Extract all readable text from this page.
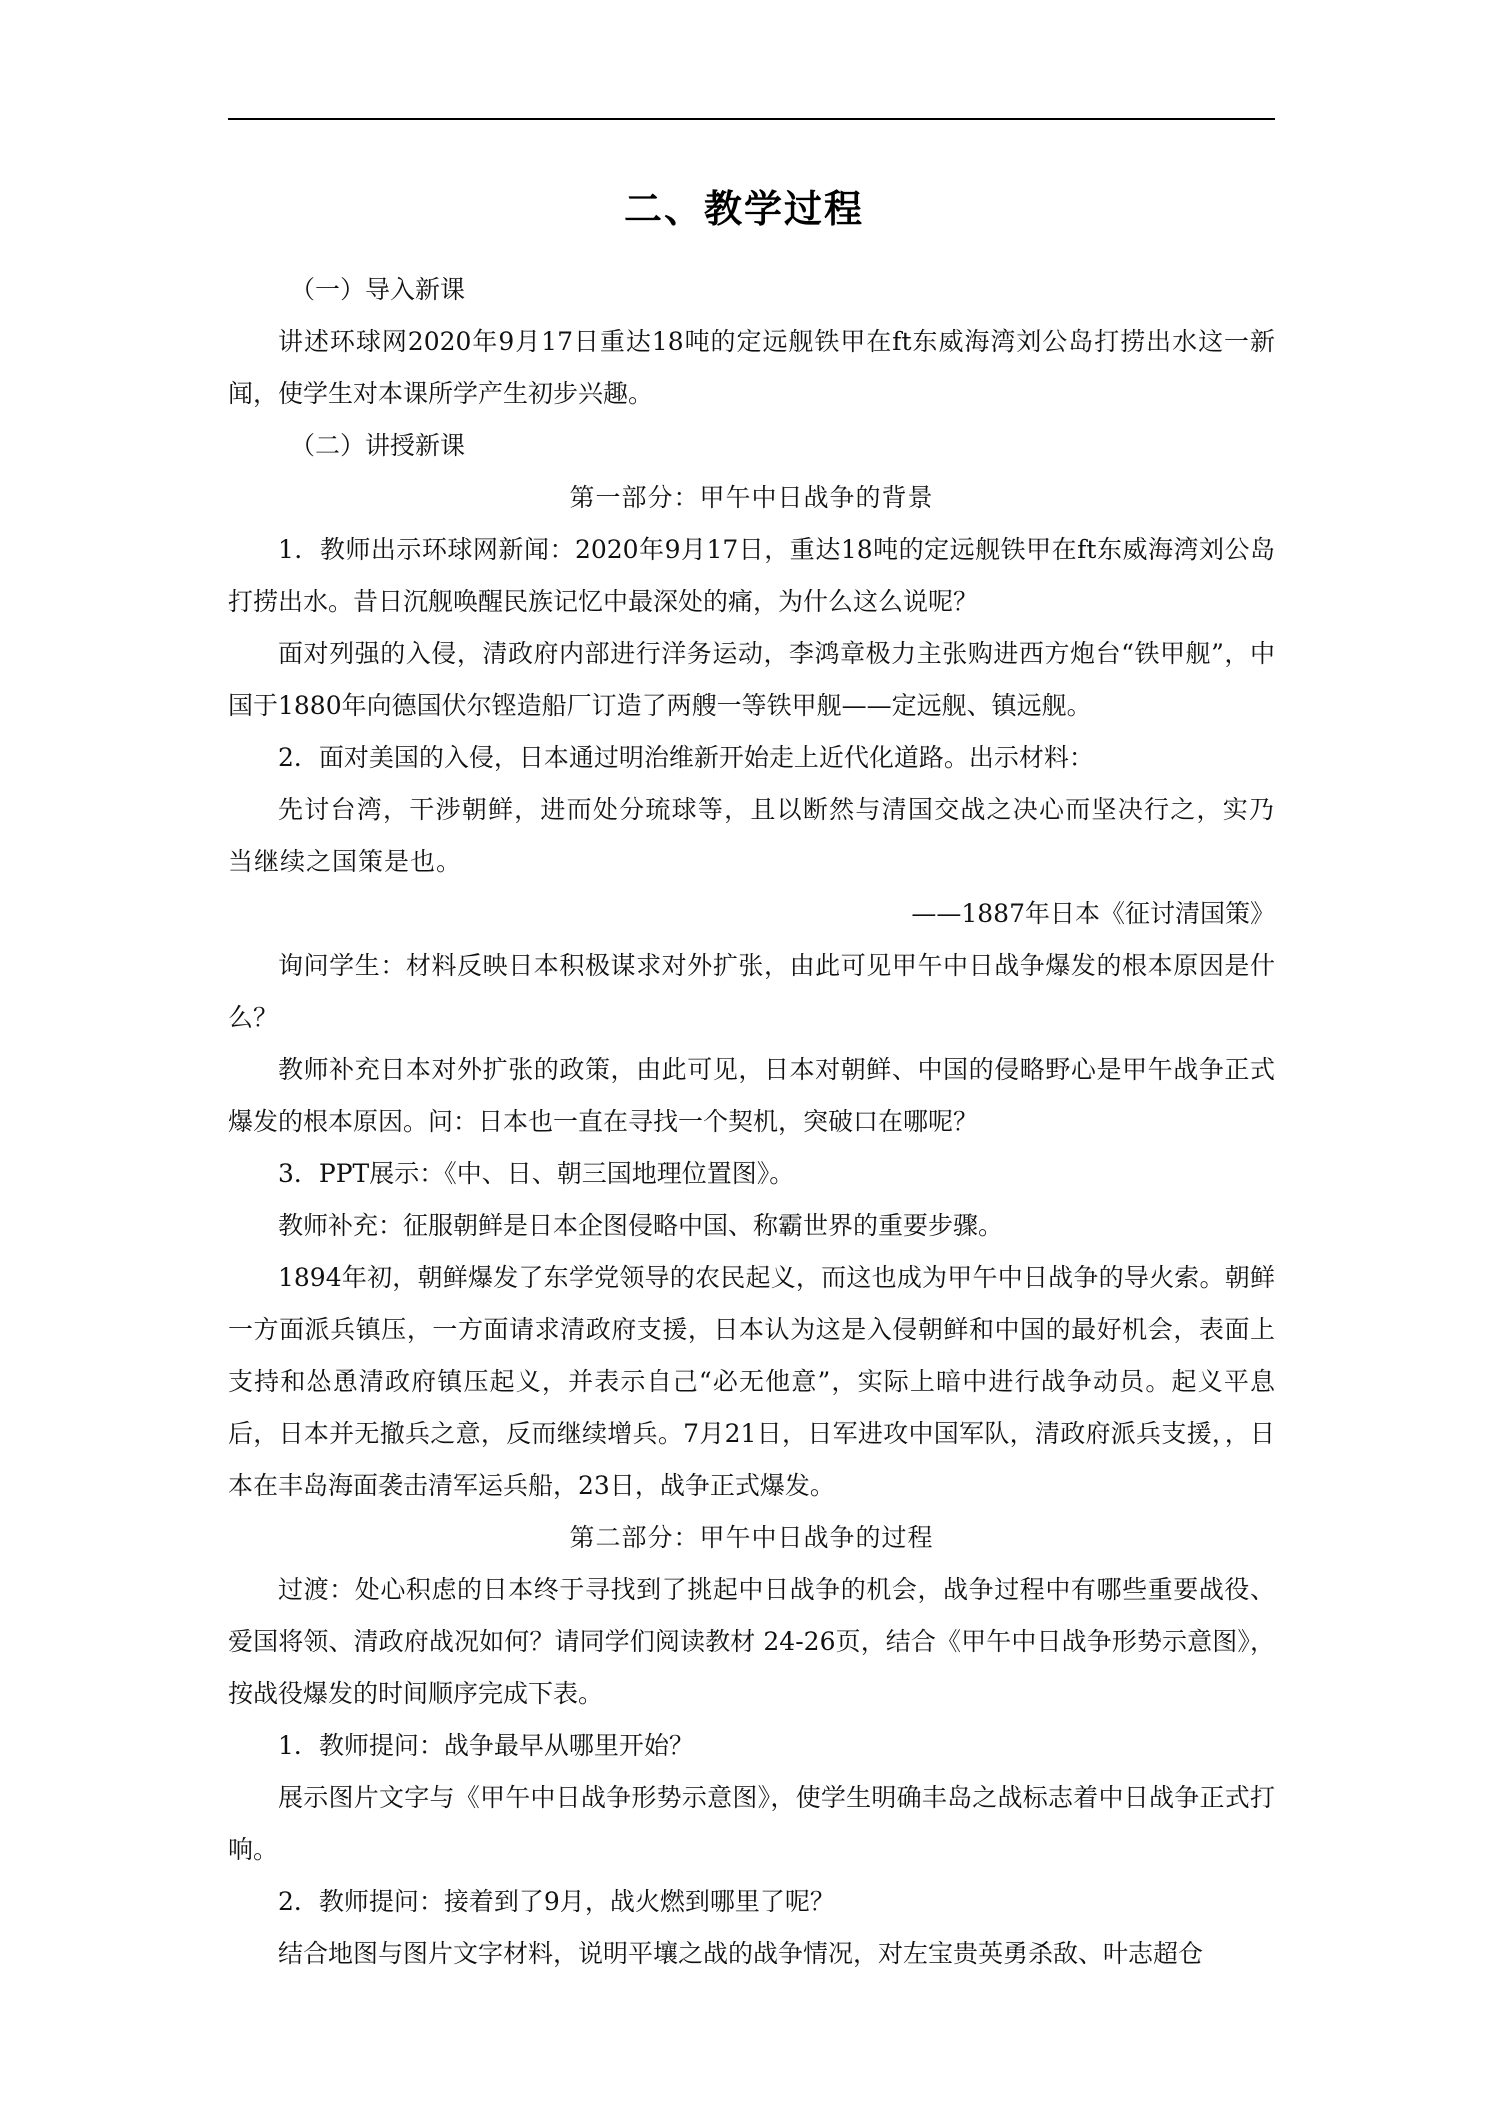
二、教学过程

（一）导入新课

讲述环球网2020年9月17日重达18吨的定远舰铁甲在ft东威海湾刘公岛打捞出水这一新闻，使学生对本课所学产生初步兴趣。

（二）讲授新课

第一部分：甲午中日战争的背景

1．教师出示环球网新闻：2020年9月17日，重达18吨的定远舰铁甲在ft东威海湾刘公岛打捞出水。昔日沉舰唤醒民族记忆中最深处的痛，为什么这么说呢？

面对列强的入侵，清政府内部进行洋务运动，李鸿章极力主张购进西方炮台“铁甲舰”，中国于1880年向德国伏尔铿造船厂订造了两艘一等铁甲舰——定远舰、镇远舰。

2．面对美国的入侵，日本通过明治维新开始走上近代化道路。出示材料：

先讨台湾，干涉朝鲜，进而处分琉球等，且以断然与清国交战之决心而坚决行之，实乃当继续之国策是也。

——1887年日本《征讨清国策》

询问学生：材料反映日本积极谋求对外扩张，由此可见甲午中日战争爆发的根本原因是什么？

教师补充日本对外扩张的政策，由此可见，日本对朝鲜、中国的侵略野心是甲午战争正式爆发的根本原因。问：日本也一直在寻找一个契机，突破口在哪呢？

3．PPT展示：《中、日、朝三国地理位置图》。

教师补充：征服朝鲜是日本企图侵略中国、称霸世界的重要步骤。

1894年初，朝鲜爆发了东学党领导的农民起义，而这也成为甲午中日战争的导火索。朝鲜一方面派兵镇压，一方面请求清政府支援，日本认为这是入侵朝鲜和中国的最好机会，表面上支持和怂恿清政府镇压起义，并表示自己“必无他意”，实际上暗中进行战争动员。起义平息后，日本并无撤兵之意，反而继续增兵。7月21日，日军进攻中国军队，清政府派兵支援，，日本在丰岛海面袭击清军运兵船，23日，战争正式爆发。

第二部分：甲午中日战争的过程

过渡：处心积虑的日本终于寻找到了挑起中日战争的机会，战争过程中有哪些重要战役、爱国将领、清政府战况如何？请同学们阅读教材 24-26页，结合《甲午中日战争形势示意图》，按战役爆发的时间顺序完成下表。

1．教师提问：战争最早从哪里开始？

展示图片文字与《甲午中日战争形势示意图》，使学生明确丰岛之战标志着中日战争正式打响。

2．教师提问：接着到了9月，战火燃到哪里了呢？

结合地图与图片文字材料，说明平壤之战的战争情况，对左宝贵英勇杀敌、叶志超仓
